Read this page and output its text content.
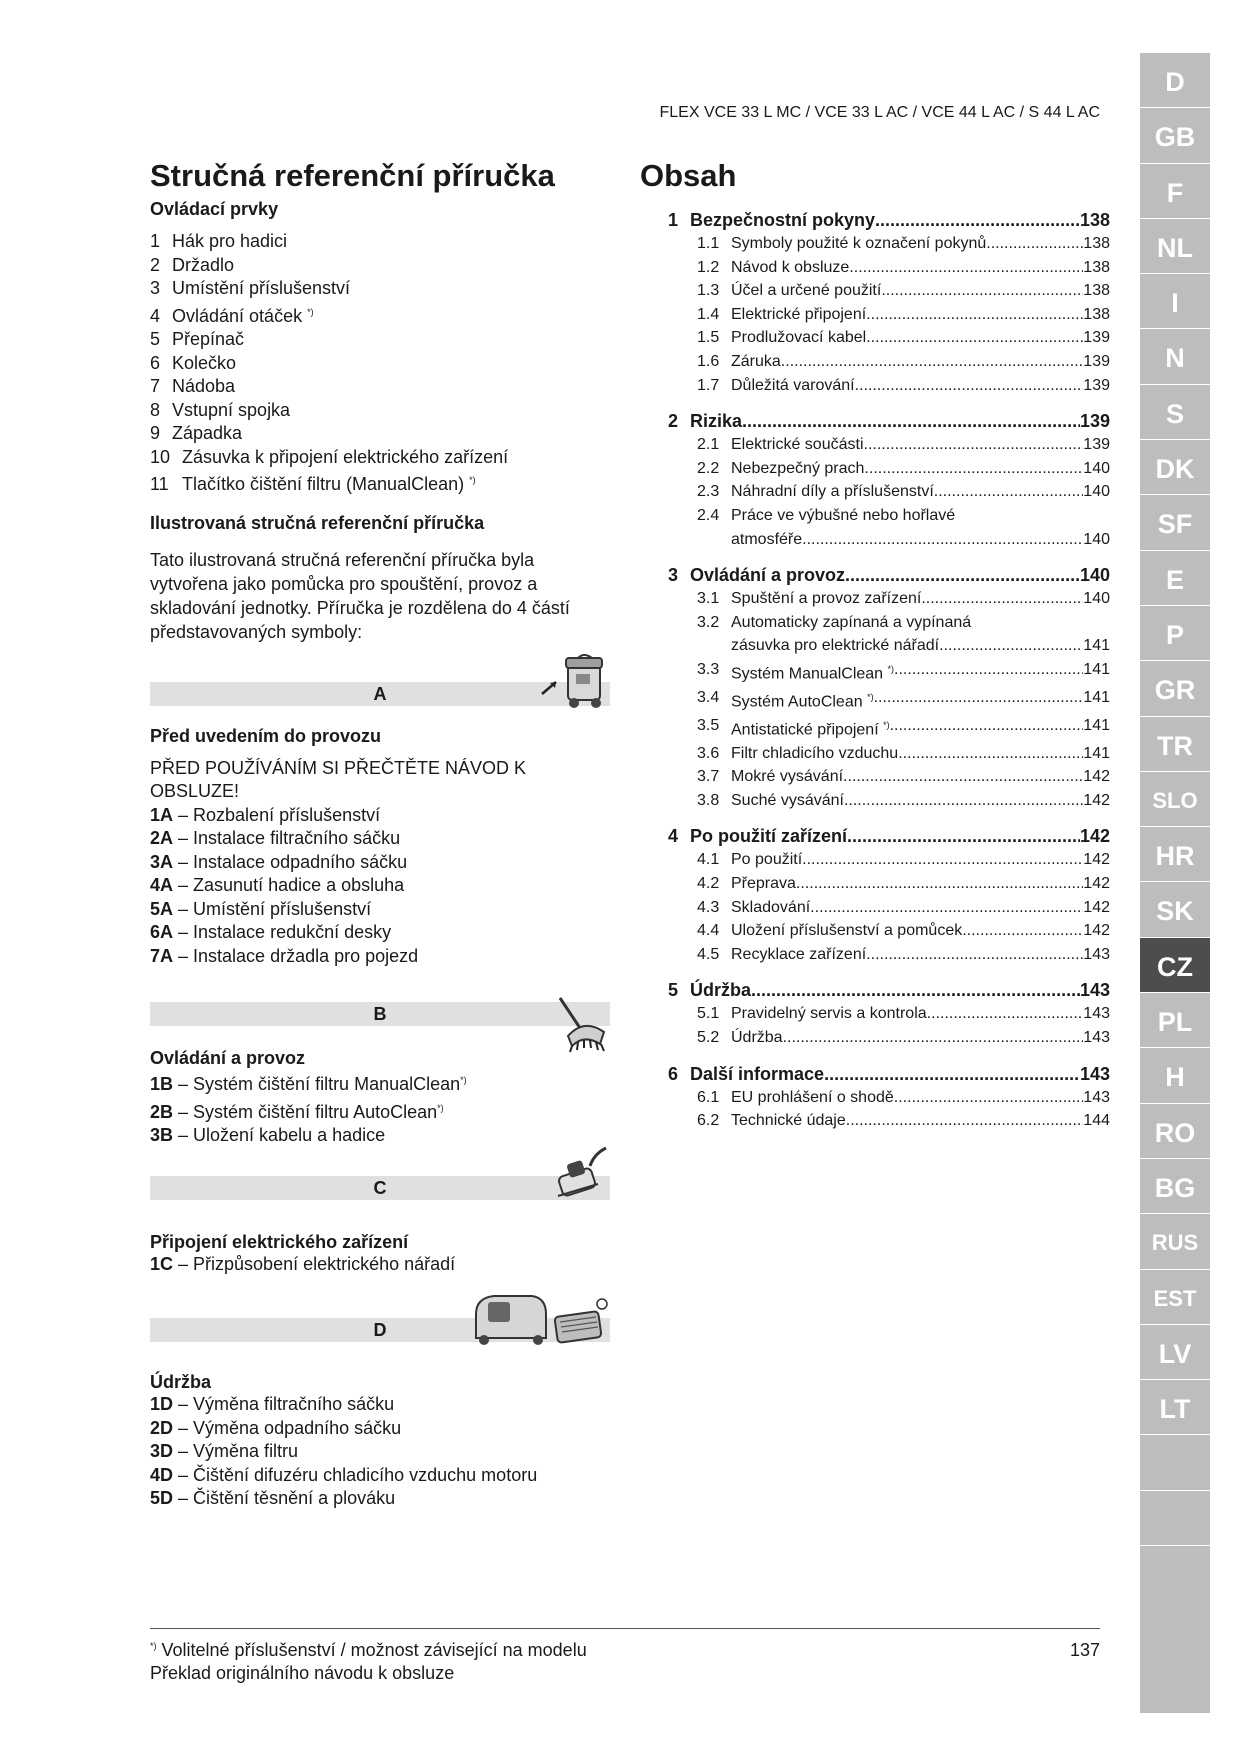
FLEX VCE 33 L MC / VCE 33 L AC / VCE 44 L AC / S 44 L AC
Stručná referenční příručka
Ovládací prvky
1 Hák pro hadici
2 Držadlo
3 Umístění příslušenství
4 Ovládání otáček *)
5 Přepínač
6 Kolečko
7 Nádoba
8 Vstupní spojka
9 Západka
10 Zásuvka k připojení elektrického zařízení
11 Tlačítko čištění filtru (ManualClean) *)
Ilustrovaná stručná referenční příručka
Tato ilustrovaná stručná referenční příručka byla vytvořena jako pomůcka pro spouštění, provoz a skladování jednotky. Příručka je rozdělena do 4 částí představovaných symboly:
A
Před uvedením do provozu
PŘED POUŽÍVÁNÍM SI PŘEČTĚTE NÁVOD K OBSLUZE!
1A – Rozbalení příslušenství
2A – Instalace filtračního sáčku
3A – Instalace odpadního sáčku
4A – Zasunutí hadice a obsluha
5A – Umístění příslušenství
6A – Instalace redukční desky
7A – Instalace držadla pro pojezd
B
Ovládání a provoz
1B – Systém čištění filtru ManualClean*)
2B – Systém čištění filtru AutoClean*)
3B – Uložení kabelu a hadice
C
Připojení elektrického zařízení
1C – Přizpůsobení elektrického nářadí
D
Údržba
1D – Výměna filtračního sáčku
2D – Výměna odpadního sáčku
3D – Výměna filtru
4D – Čištění difuzéru chladicího vzduchu motoru
5D – Čištění těsnění a plováku
Obsah
1 Bezpečnostní pokyny .....	138
1.1 Symboly použité k označení pokynů .....	138
1.2 Návod k obsluze .....	138
1.3 Účel a určené použití .....	138
1.4 Elektrické připojení .....	138
1.5 Prodlužovací kabel .....	139
1.6 Záruka .....	139
1.7 Důležitá varování .....	139
2 Rizika .....	139
2.1 Elektrické součásti .....	139
2.2 Nebezpečný prach .....	140
2.3 Náhradní díly a příslušenství .....	140
2.4 Práce ve výbušné nebo hořlavé
atmosféře .....	140
3 Ovládání a provoz .....	140
3.1 Spuštění a provoz zařízení .....	140
3.2 Automaticky zapínaná a vypínaná
zásuvka pro elektrické nářadí .....	141
3.3 Systém ManualClean *) .....	141
3.4 Systém AutoClean *) .....	141
3.5 Antistatické připojení *) .....	141
3.6 Filtr chladicího vzduchu .....	141
3.7 Mokré vysávání .....	142
3.8 Suché vysávání .....	142
4 Po použití zařízení .....	142
4.1 Po použití .....	142
4.2 Přeprava .....	142
4.3 Skladování .....	142
4.4 Uložení příslušenství a pomůcek .....	142
4.5 Recyklace zařízení .....	143
5 Údržba .....	143
5.1 Pravidelný servis a kontrola .....	143
5.2 Údržba .....	143
6 Další informace .....	143
6.1 EU prohlášení o shodě .....	143
6.2 Technické údaje .....	144
*) Volitelné příslušenství / možnost závisející na modelu
Překlad originálního návodu k obsluze
137
D
GB
F
NL
I
N
S
DK
SF
E
P
GR
TR
SLO
HR
SK
CZ
PL
H
RO
BG
RUS
EST
LV
LT
